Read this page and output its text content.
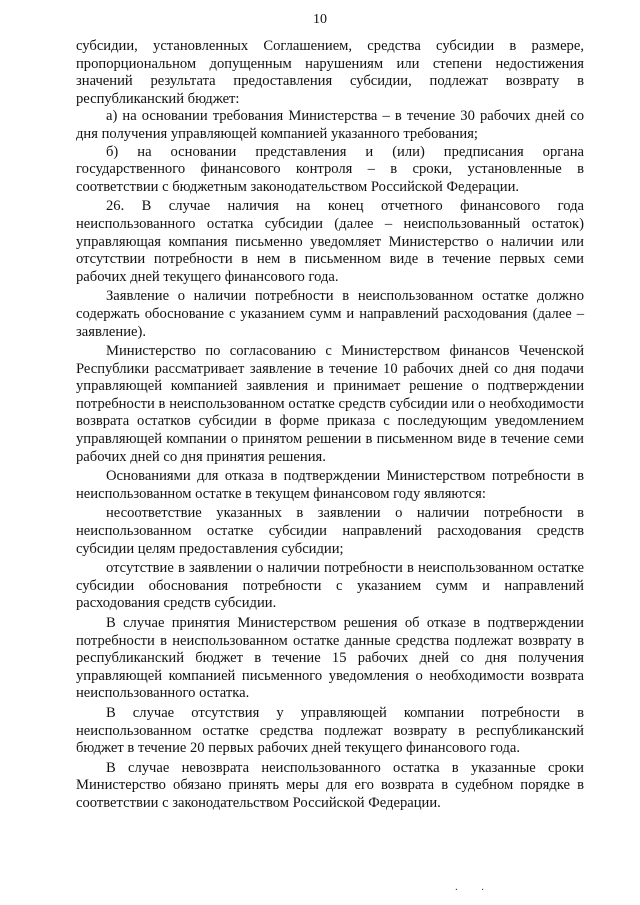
10

субсидии, установленных Соглашением, средства субсидии в размере, пропорциональном допущенным нарушениям или степени недостижения значений результата предоставления субсидии, подлежат возврату в республиканский бюджет:

а) на основании требования Министерства – в течение 30 рабочих дней со дня получения управляющей компанией указанного требования;

б) на основании представления и (или) предписания органа государственного финансового контроля – в сроки, установленные в соответствии с бюджетным законодательством Российской Федерации.

26. В случае наличия на конец отчетного финансового года неиспользованного остатка субсидии (далее – неиспользованный остаток) управляющая компания письменно уведомляет Министерство о наличии или отсутствии потребности в нем в письменном виде в течение первых семи рабочих дней текущего финансового года.

Заявление о наличии потребности в неиспользованном остатке должно содержать обоснование с указанием сумм и направлений расходования (далее – заявление).

Министерство по согласованию с Министерством финансов Чеченской Республики рассматривает заявление в течение 10 рабочих дней со дня подачи управляющей компанией заявления и принимает решение о подтверждении потребности в неиспользованном остатке средств субсидии или о необходимости возврата остатков субсидии в форме приказа с последующим уведомлением управляющей компании о принятом решении в письменном виде в течение семи рабочих дней со дня принятия решения.

Основаниями для отказа в подтверждении Министерством потребности в неиспользованном остатке в текущем финансовом году являются:

несоответствие указанных в заявлении о наличии потребности в неиспользованном остатке субсидии направлений расходования средств субсидии целям предоставления субсидии;

отсутствие в заявлении о наличии потребности в неиспользованном остатке субсидии обоснования потребности с указанием сумм и направлений расходования средств субсидии.

В случае принятия Министерством решения об отказе в подтверждении потребности в неиспользованном остатке данные средства подлежат возврату в республиканский бюджет в течение 15 рабочих дней со дня получения управляющей компанией письменного уведомления о необходимости возврата неиспользованного остатка.

В случае отсутствия у управляющей компании потребности в неиспользованном остатке средства подлежат возврату в республиканский бюджет в течение 20 первых рабочих дней текущего финансового года.

В случае невозврата неиспользованного остатка в указанные сроки Министерство обязано принять меры для его возврата в судебном порядке в соответствии с законодательством Российской Федерации.

.  .
